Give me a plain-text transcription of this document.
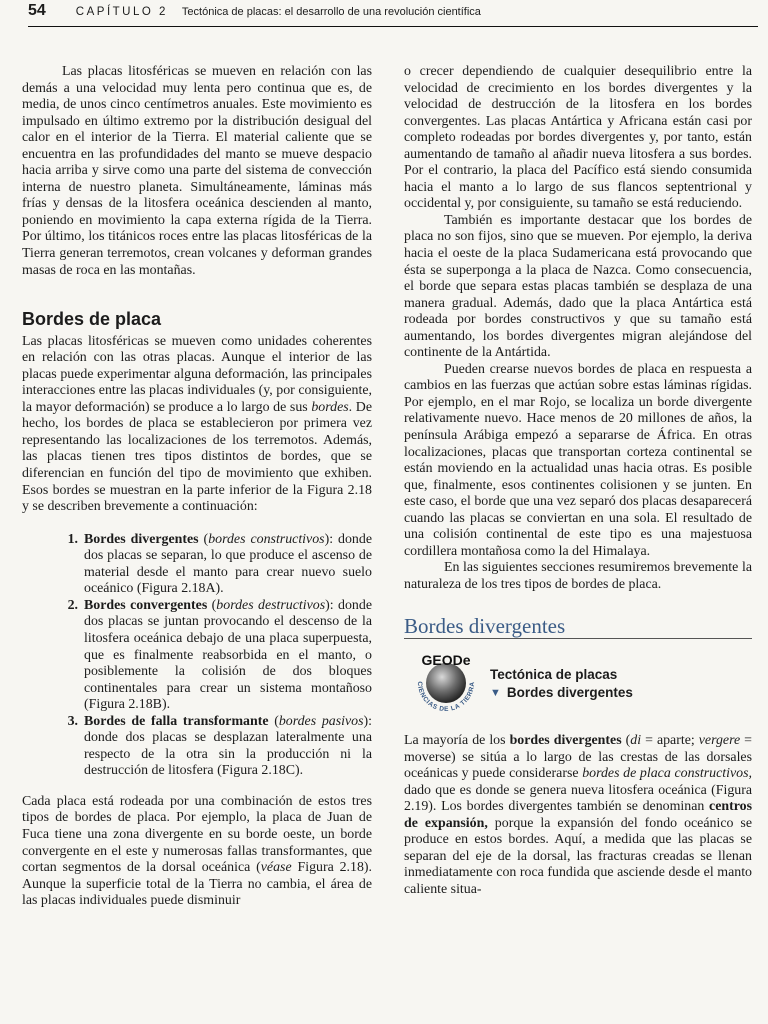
54	CAPÍTULO 2 Tectónica de placas: el desarrollo de una revolución científica

Las placas litosféricas se mueven en relación con las demás a una velocidad muy lenta pero continua que es, de media, de unos cinco centímetros anuales. Este movimiento es impulsado en último extremo por la distribución desigual del calor en el interior de la Tierra. El material caliente que se encuentra en las profundidades del manto se mueve despacio hacia arriba y sirve como una parte del sistema de convección interna de nuestro planeta. Simultáneamente, láminas más frías y densas de la litosfera oceánica descienden al manto, poniendo en movimiento la capa externa rígida de la Tierra. Por último, los titánicos roces entre las placas litosféricas de la Tierra generan terremotos, crean volcanes y deforman grandes masas de roca en las montañas.

Bordes de placa

Las placas litosféricas se mueven como unidades coherentes en relación con las otras placas. Aunque el interior de las placas puede experimentar alguna deformación, las principales interacciones entre las placas individuales (y, por consiguiente, la mayor deformación) se produce a lo largo de sus bordes. De hecho, los bordes de placa se establecieron por primera vez representando las localizaciones de los terremotos. Además, las placas tienen tres tipos distintos de bordes, que se diferencian en función del tipo de movimiento que exhiben. Esos bordes se muestran en la parte inferior de la Figura 2.18 y se describen brevemente a continuación:

1. Bordes divergentes (bordes constructivos): donde dos placas se separan, lo que produce el ascenso de material desde el manto para crear nuevo suelo oceánico (Figura 2.18A).
2. Bordes convergentes (bordes destructivos): donde dos placas se juntan provocando el descenso de la litosfera oceánica debajo de una placa superpuesta, que es finalmente reabsorbida en el manto, o posiblemente la colisión de dos bloques continentales para crear un sistema montañoso (Figura 2.18B).
3. Bordes de falla transformante (bordes pasivos): donde dos placas se desplazan lateralmente una respecto de la otra sin la producción ni la destrucción de litosfera (Figura 2.18C).

Cada placa está rodeada por una combinación de estos tres tipos de bordes de placa. Por ejemplo, la placa de Juan de Fuca tiene una zona divergente en su borde oeste, un borde convergente en el este y numerosas fallas transformantes, que cortan segmentos de la dorsal oceánica (véase Figura 2.18). Aunque la superficie total de la Tierra no cambia, el área de las placas individuales puede disminuir

o crecer dependiendo de cualquier desequilibrio entre la velocidad de crecimiento en los bordes divergentes y la velocidad de destrucción de la litosfera en los bordes convergentes. Las placas Antártica y Africana están casi por completo rodeadas por bordes divergentes y, por tanto, están aumentando de tamaño al añadir nueva litosfera a sus bordes. Por el contrario, la placa del Pacífico está siendo consumida hacia el manto a lo largo de sus flancos septentrional y occidental y, por consiguiente, su tamaño se está reduciendo.

También es importante destacar que los bordes de placa no son fijos, sino que se mueven. Por ejemplo, la deriva hacia el oeste de la placa Sudamericana está provocando que ésta se superponga a la placa de Nazca. Como consecuencia, el borde que separa estas placas también se desplaza de una manera gradual. Además, dado que la placa Antártica está rodeada por bordes constructivos y que su tamaño está aumentando, los bordes divergentes migran alejándose del continente de la Antártida.

Pueden crearse nuevos bordes de placa en respuesta a cambios en las fuerzas que actúan sobre estas láminas rígidas. Por ejemplo, en el mar Rojo, se localiza un borde divergente relativamente nuevo. Hace menos de 20 millones de años, la península Arábiga empezó a separarse de África. En otras localizaciones, placas que transportan corteza continental se están moviendo en la actualidad unas hacia otras. Es posible que, finalmente, esos continentes colisionen y se junten. En este caso, el borde que una vez separó dos placas desaparecerá cuando las placas se conviertan en una sola. El resultado de una colisión continental de este tipo es una majestuosa cordillera montañosa como la del Himalaya.

En las siguientes secciones resumiremos brevemente la naturaleza de los tres tipos de bordes de placa.

Bordes divergentes
GEODe
CIENCIAS DE LA TIERRA
Tectónica de placas
▼ Bordes divergentes

La mayoría de los bordes divergentes (di = aparte; vergere = moverse) se sitúa a lo largo de las crestas de las dorsales oceánicas y puede considerarse bordes de placa constructivos, dado que es donde se genera nueva litosfera oceánica (Figura 2.19). Los bordes divergentes también se denominan centros de expansión, porque la expansión del fondo oceánico se produce en estos bordes. Aquí, a medida que las placas se separan del eje de la dorsal, las fracturas creadas se llenan inmediatamente con roca fundida que asciende desde el manto caliente situa-
